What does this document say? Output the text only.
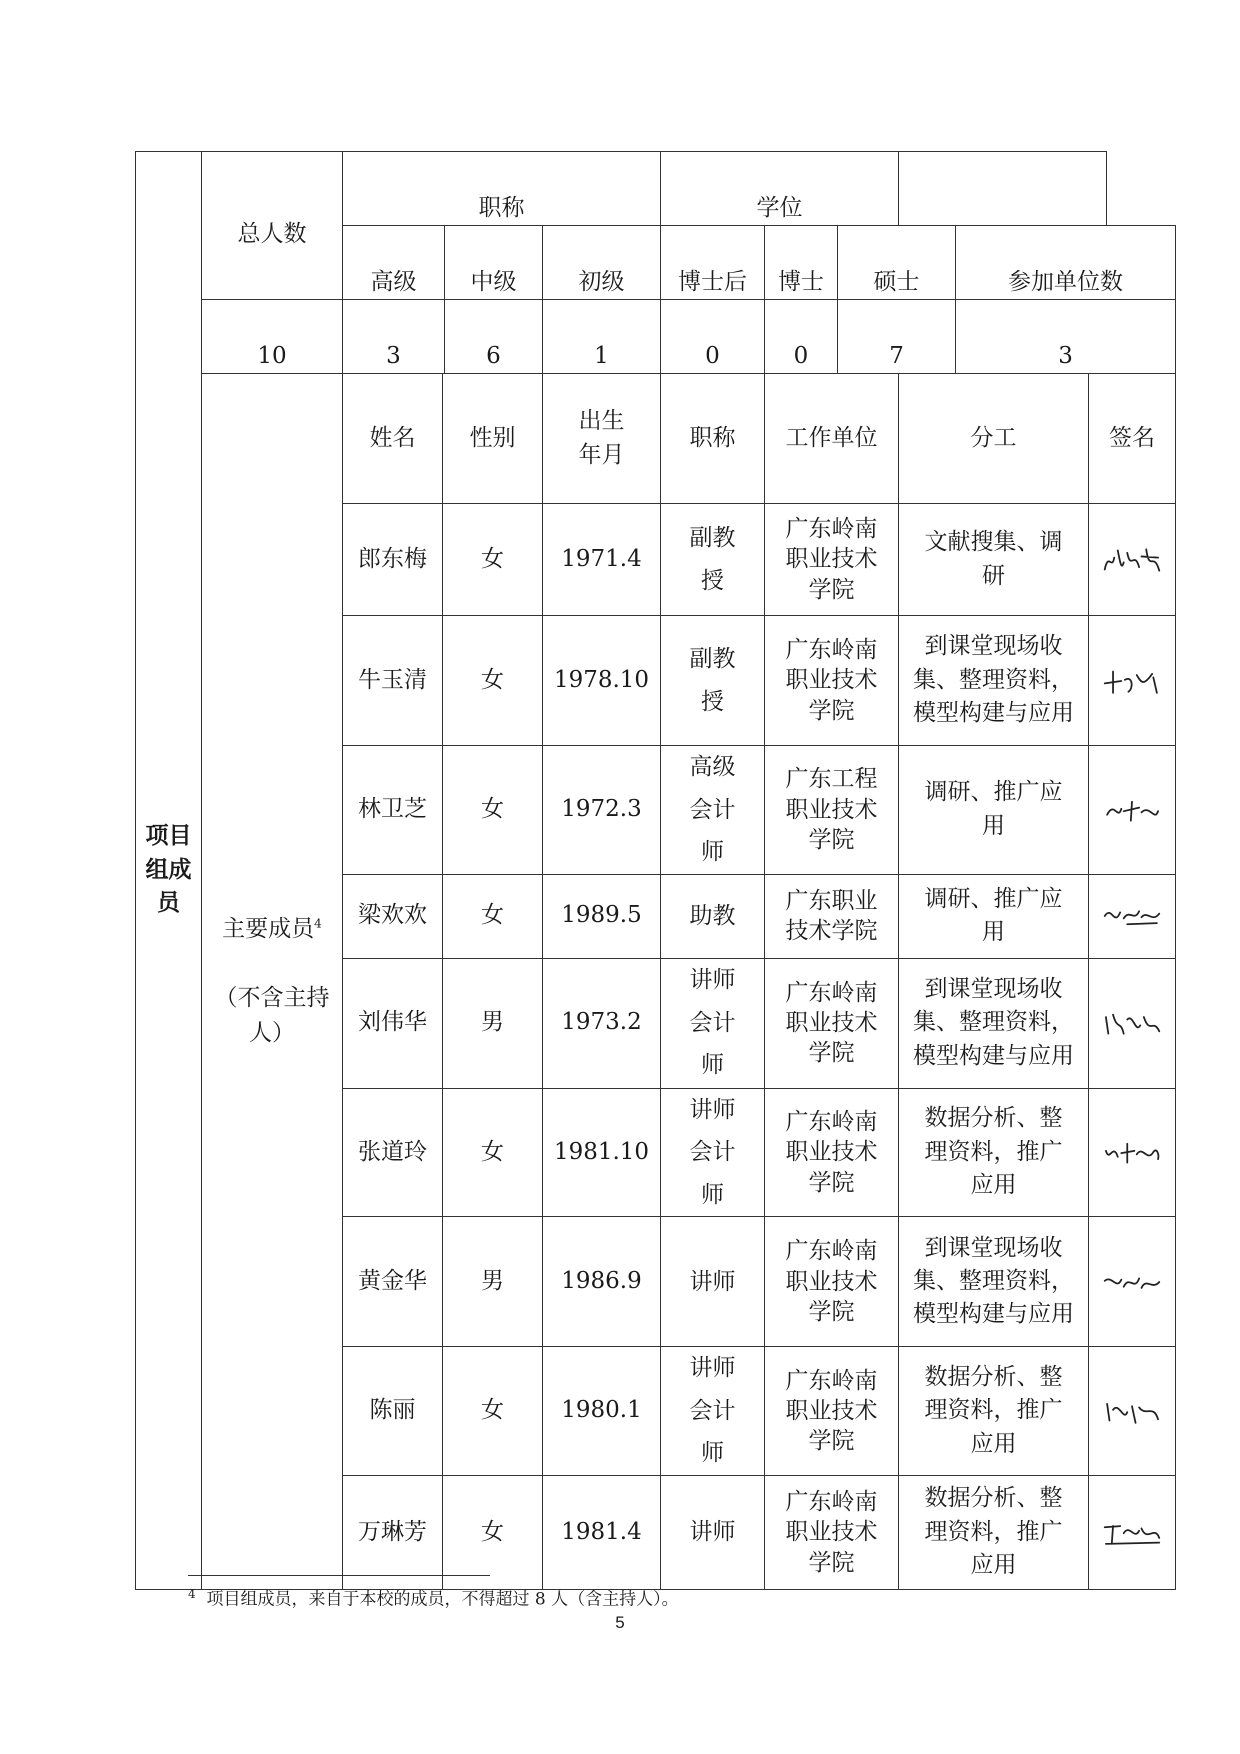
项目组成员	总人数	职称				学位					
		高级		中级	初级	博士后	博士	硕士		参加单位数	
	10	3		6	1	0	0	7		3	
	主要成员$^4$

（不含主持人）	姓名	性别		出生年月	职称	工作单位		分工		签名
		郎东梅	女		1971.4	副教授	广东岭南职业技术学院		文献搜集、调研	

		牛玉清	女		1978.10	副教授	广东岭南职业技术学院		到课堂现场收集、整理资料，模型构建与应用	

		林卫芝	女		1972.3	高级会计师	广东工程职业技术学院		调研、推广应用	

		梁欢欢	女		1989.5	助教	广东职业技术学院		调研、推广应用	

		刘伟华	男		1973.2	讲师 会计师	广东岭南职业技术学院		到课堂现场收集、整理资料，模型构建与应用	

		张道玲	女		1981.10	讲师 会计师	广东岭南职业技术学院		数据分析、整理资料，推广应用	

		黄金华	男		1986.9	讲师	广东岭南职业技术学院		到课堂现场收集、整理资料，模型构建与应用	

		陈丽	女		1980.1	讲师 会计师	广东岭南职业技术学院		数据分析、整理资料，推广应用	

		万琳芳	女		1981.4	讲师	广东岭南职业技术学院		数据分析、整理资料，推广应用	
$^4$ 项目组成员，来自于本校的成员，不得超过 8 人（含主持人）。
5
